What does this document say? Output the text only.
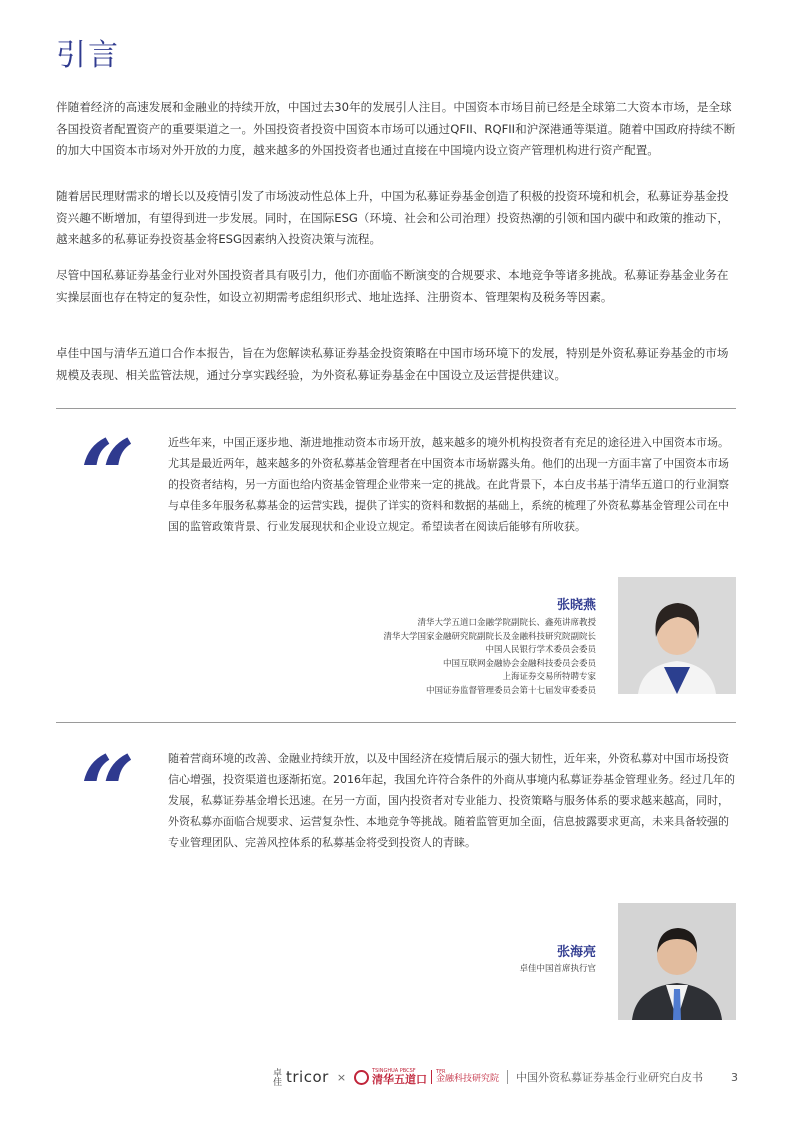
引言

伴随着经济的高速发展和金融业的持续开放，中国过去30年的发展引人注目。中国资本市场目前已经是全球第二大资本市场，是全球各国投资者配置资产的重要渠道之一。外国投资者投资中国资本市场可以通过QFII、RQFII和沪深港通等渠道。随着中国政府持续不断的加大中国资本市场对外开放的力度，越来越多的外国投资者也通过直接在中国境内设立资产管理机构进行资产配置。

随着居民理财需求的增长以及疫情引发了市场波动性总体上升，中国为私募证券基金创造了积极的投资环境和机会，私募证券基金投资兴趣不断增加，有望得到进一步发展。同时，在国际ESG（环境、社会和公司治理）投资热潮的引领和国内碳中和政策的推动下，越来越多的私募证券投资基金将ESG因素纳入投资决策与流程。

尽管中国私募证券基金行业对外国投资者具有吸引力，他们亦面临不断演变的合规要求、本地竞争等诸多挑战。私募证券基金业务在实操层面也存在特定的复杂性，如设立初期需考虑组织形式、地址选择、注册资本、管理架构及税务等因素。

卓佳中国与清华五道口合作本报告，旨在为您解读私募证券基金投资策略在中国市场环境下的发展，特别是外资私募证券基金的市场规模及表现、相关监管法规，通过分享实践经验，为外资私募证券基金在中国设立及运营提供建议。

“	近些年来，中国正逐步地、渐进地推动资本市场开放，越来越多的境外机构投资者有充足的途径进入中国资本市场。尤其是最近两年，越来越多的外资私募基金管理者在中国资本市场崭露头角。他们的出现一方面丰富了中国资本市场的投资者结构，另一方面也给内资基金管理企业带来一定的挑战。在此背景下，本白皮书基于清华五道口的行业洞察与卓佳多年服务私募基金的运营实践，提供了详实的资料和数据的基础上，系统的梳理了外资私募基金管理公司在中国的监管政策背景、行业发展现状和企业设立规定。希望读者在阅读后能够有所收获。

张晓燕
清华大学五道口金融学院副院长、鑫苑讲席教授
清华大学国家金融研究院副院长及金融科技研究院副院长
中国人民银行学术委员会委员
中国互联网金融协会金融科技委员会委员
上海证券交易所特聘专家
中国证券监督管理委员会第十七届发审委委员
“	随着营商环境的改善、金融业持续开放，以及中国经济在疫情后展示的强大韧性，近年来，外资私募对中国市场投资信心增强，投资渠道也逐渐拓宽。2016年起，我国允许符合条件的外商从事境内私募证券基金管理业务。经过几年的发展，私募证券基金增长迅速。在另一方面，国内投资者对专业能力、投资策略与服务体系的要求越来越高，同时，外资私募亦面临合规要求、运营复杂性、本地竞争等挑战。随着监管更加全面，信息披露要求更高，未来具备较强的专业管理团队、完善风控体系的私募基金将受到投资人的青睐。

张海亮
卓佳中国首席执行官
卓佳 tricor ×	TSINGHUA PBCSF
清华五道口
TFR
金融科技研究院 中国外资私募证券基金行业研究白皮书	3
